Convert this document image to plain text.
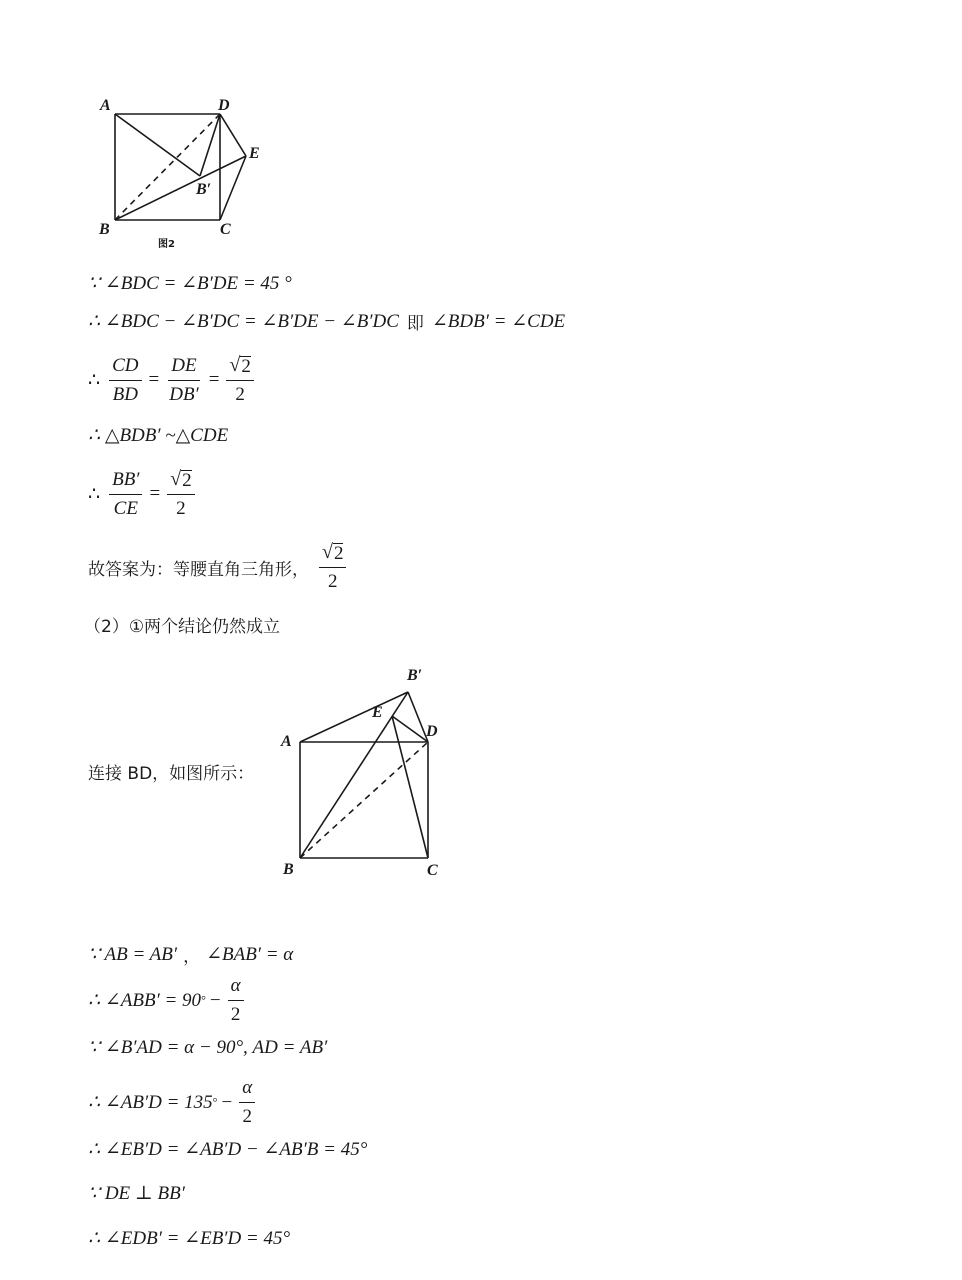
A	D
E
B′
B	C
图2
∵ ∠BDC = ∠B′DE = 45 °
∴ ∠BDC − ∠B′DC = ∠B′DE − ∠B′DC 即 ∠BDB′ = ∠CDE
∴ $\frac{CD}{BD} = \frac{DE}{DB'} = \frac{√ 2}{2}$
∴ △BDB′ ~△CDE
∴ $\frac{BB'}{CE} = \frac{√ 2}{2}$
故答案为：等腰直角三角形， $\frac{√ 2}{2}$
（2）①两个结论仍然成立
B′
E
A
D
B	C
连接 BD，如图所示：
∵ AB = AB′ ， ∠BAB′ = α
∴ ∠ABB′ = 90 ° − $\frac{\alpha}{2}$
∵ ∠B′AD = α − 90°, AD = AB′
∴ ∠AB′D = 135 ° − $\frac{\alpha}{2}$
∴ ∠EB′D = ∠AB′D − ∠AB′B = 45°
∵ DE ⊥ BB′
∴ ∠EDB′ = ∠EB′D = 45°
